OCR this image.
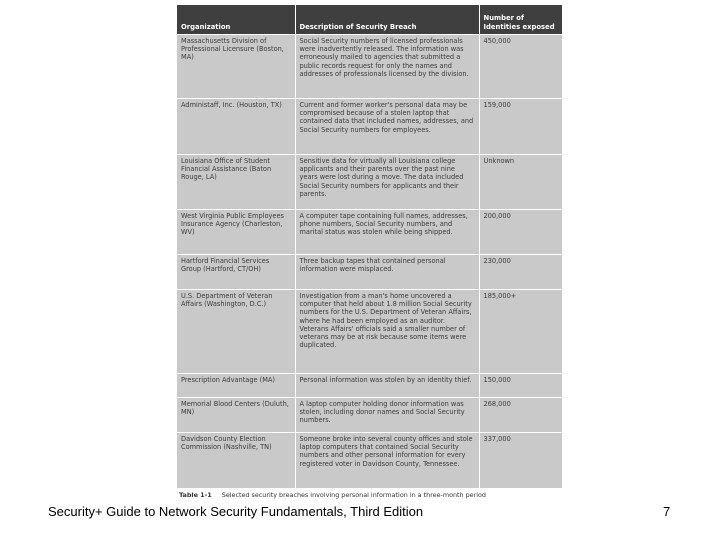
Organization	Description of Security Breach	Number of Identities exposed
Massachusetts Division of Professional Licensure (Boston, MA)	Social Security numbers of licensed professionals were inadvertently released. The information was erroneously mailed to agencies that submitted a public records request for only the names and addresses of professionals licensed by the division.	450,000
Administaff, Inc. (Houston, TX)	Current and former worker's personal data may be compromised because of a stolen laptop that contained data that included names, addresses, and Social Security numbers for employees.	159,000
Louisiana Office of Student Financial Assistance (Baton Rouge, LA)	Sensitive data for virtually all Louisiana college applicants and their parents over the past nine years were lost during a move. The data included Social Security numbers for applicants and their parents.	Unknown
West Virginia Public Employees Insurance Agency (Charleston, WV)	A computer tape containing full names, addresses, phone numbers, Social Security numbers, and marital status was stolen while being shipped.	200,000
Hartford Financial Services Group (Hartford, CT/OH)	Three backup tapes that contained personal information were misplaced.	230,000
U.S. Department of Veteran Affairs (Washington, D.C.)	Investigation from a man's home uncovered a computer that held about 1.8 million Social Security numbers for the U.S. Department of Veteran Affairs, where he had been employed as an auditor. Veterans Affairs' officials said a smaller number of veterans may be at risk because some items were duplicated.	185,000+
Prescription Advantage (MA)	Personal information was stolen by an identity thief.	150,000
Memorial Blood Centers (Duluth, MN)	A laptop computer holding donor information was stolen, including donor names and Social Security numbers.	268,000
Davidson County Election Commission (Nashville, TN)	Someone broke into several county offices and stole laptop computers that contained Social Security numbers and other personal information for every registered voter in Davidson County, Tennessee.	337,000
Table 1-1 Selected security breaches involving personal information in a three-month period
Security+ Guide to Network Security Fundamentals, Third Edition	7
